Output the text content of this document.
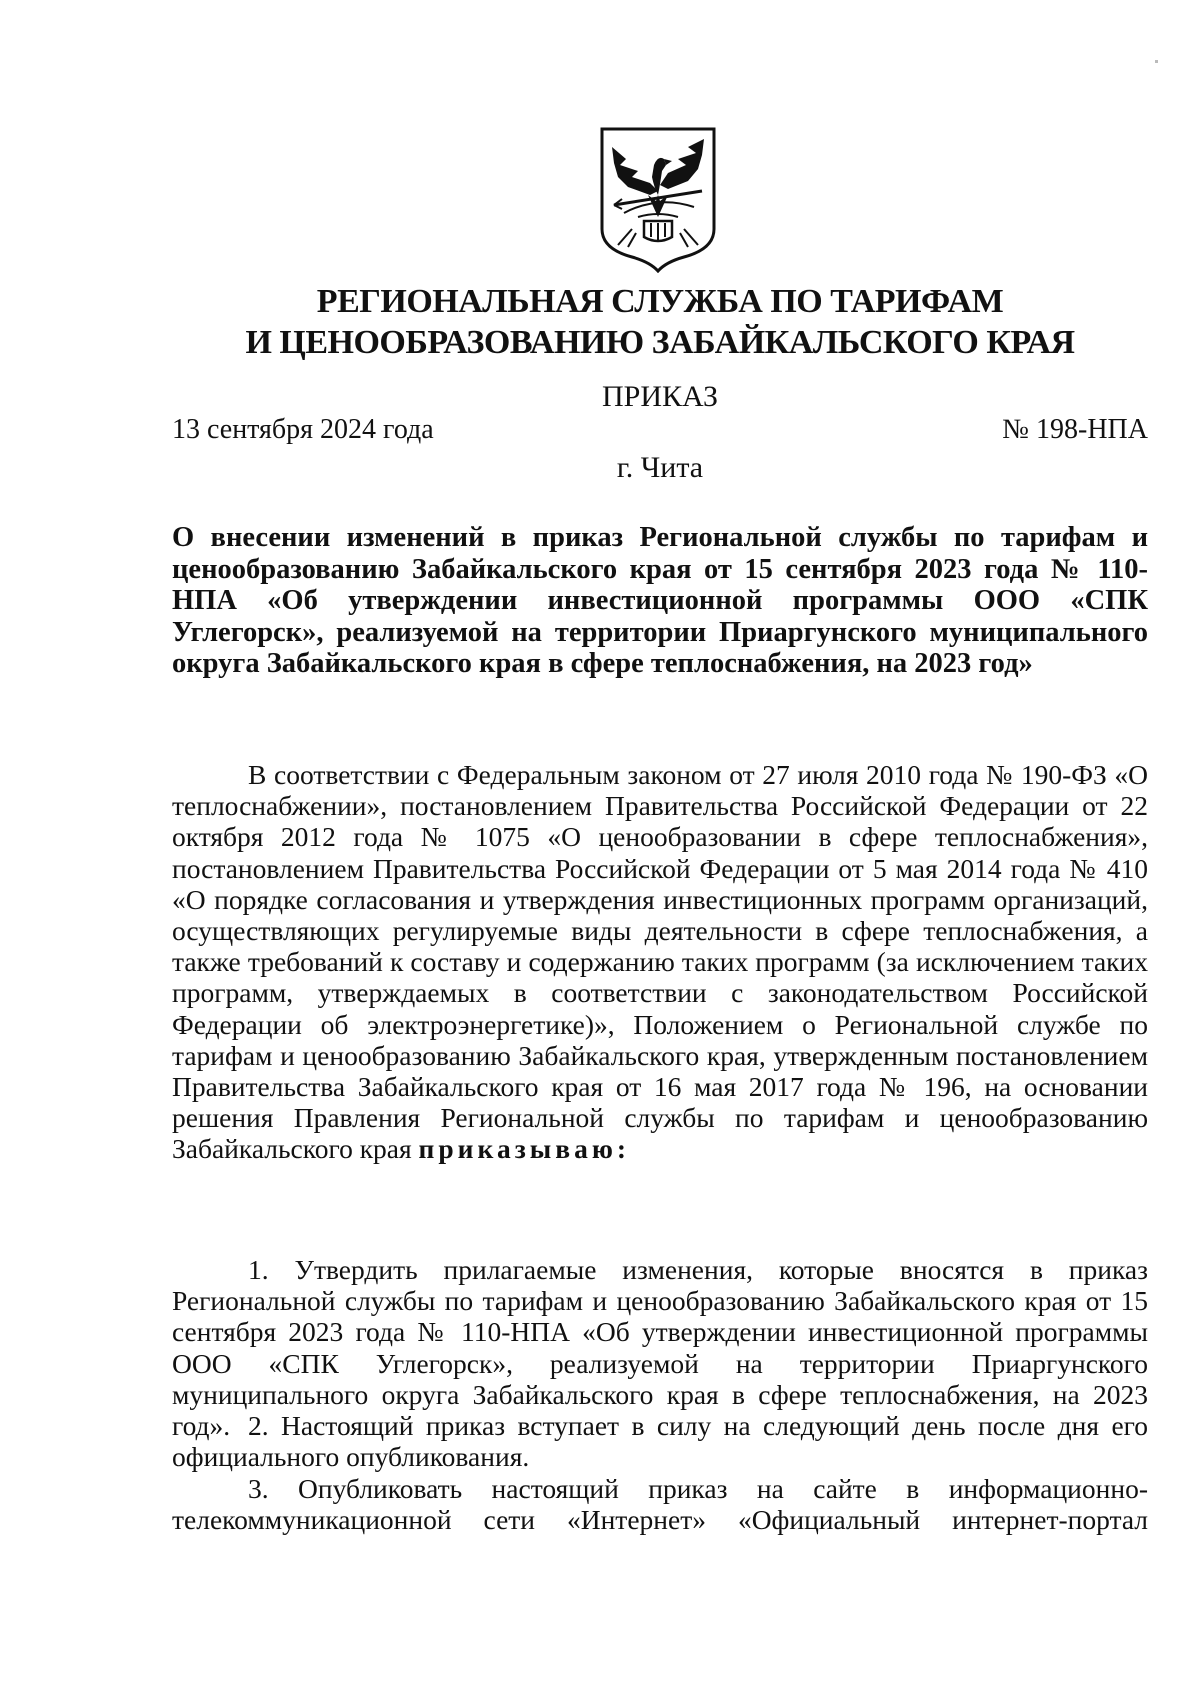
РЕГИОНАЛЬНАЯ СЛУЖБА ПО ТАРИФАМ
И ЦЕНООБРАЗОВАНИЮ ЗАБАЙКАЛЬСКОГО КРАЯ
ПРИКАЗ
13 сентября 2024 года	№ 198-НПА
г. Чита

О внесении изменений в приказ Региональной службы по тарифам и ценообразованию Забайкальского края от 15 сентября 2023 года № 110-НПА «Об утверждении инвестиционной программы ООО «СПК Углегорск», реализуемой на территории Приаргунского муниципального округа Забайкальского края в сфере теплоснабжения, на 2023 год»

В соответствии с Федеральным законом от 27 июля 2010 года № 190-ФЗ «О теплоснабжении», постановлением Правительства Российской Федерации от 22 октября 2012 года № 1075 «О ценообразовании в сфере теплоснабжения», постановлением Правительства Российской Федерации от 5 мая 2014 года № 410 «О порядке согласования и утверждения инвестиционных программ организаций, осуществляющих регулируемые виды деятельности в сфере теплоснабжения, а также требований к составу и содержанию таких программ (за исключением таких программ, утверждаемых в соответствии с законодательством Российской Федерации об электроэнергетике)», Положением о Региональной службе по тарифам и ценообразованию Забайкальского края, утвержденным постановлением Правительства Забайкальского края от 16 мая 2017 года № 196, на основании решения Правления Региональной службы по тарифам и ценообразованию Забайкальского края приказываю:

1. Утвердить прилагаемые изменения, которые вносятся в приказ Региональной службы по тарифам и ценообразованию Забайкальского края от 15 сентября 2023 года № 110-НПА «Об утверждении инвестиционной программы ООО «СПК Углегорск», реализуемой на территории Приаргунского муниципального округа Забайкальского края в сфере теплоснабжения, на 2023 год». 2. Настоящий приказ вступает в силу на следующий день после дня его официального опубликования.

3. Опубликовать настоящий приказ на сайте в информационно-телекоммуникационной сети «Интернет» «Официальный интернет-портал
